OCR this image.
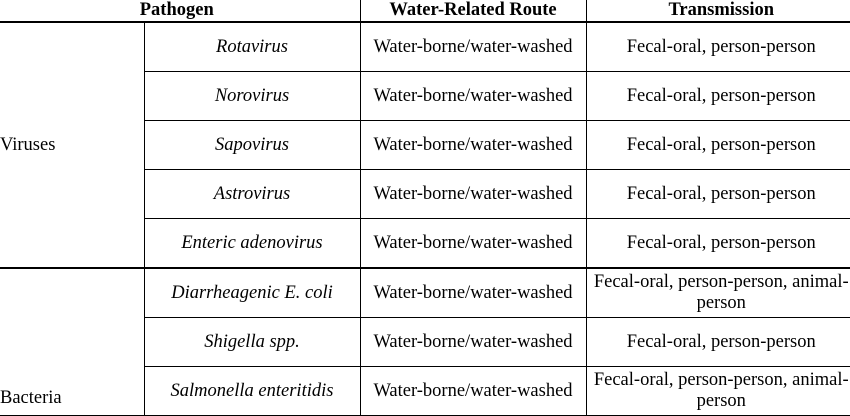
Pathogen		Water-Related Route	Transmission
Viruses	Rotavirus	Water-borne/water-washed	Fecal-oral, person-person
	Norovirus	Water-borne/water-washed	Fecal-oral, person-person
	Sapovirus	Water-borne/water-washed	Fecal-oral, person-person
	Astrovirus	Water-borne/water-washed	Fecal-oral, person-person
	Enteric adenovirus	Water-borne/water-washed	Fecal-oral, person-person
Bacteria	Diarrheagenic E. coli	Water-borne/water-washed	Fecal-oral, person-person, animal-person
	Shigella spp.	Water-borne/water-washed	Fecal-oral, person-person
	Salmonella enteritidis	Water-borne/water-washed	Fecal-oral, person-person, animal-person
